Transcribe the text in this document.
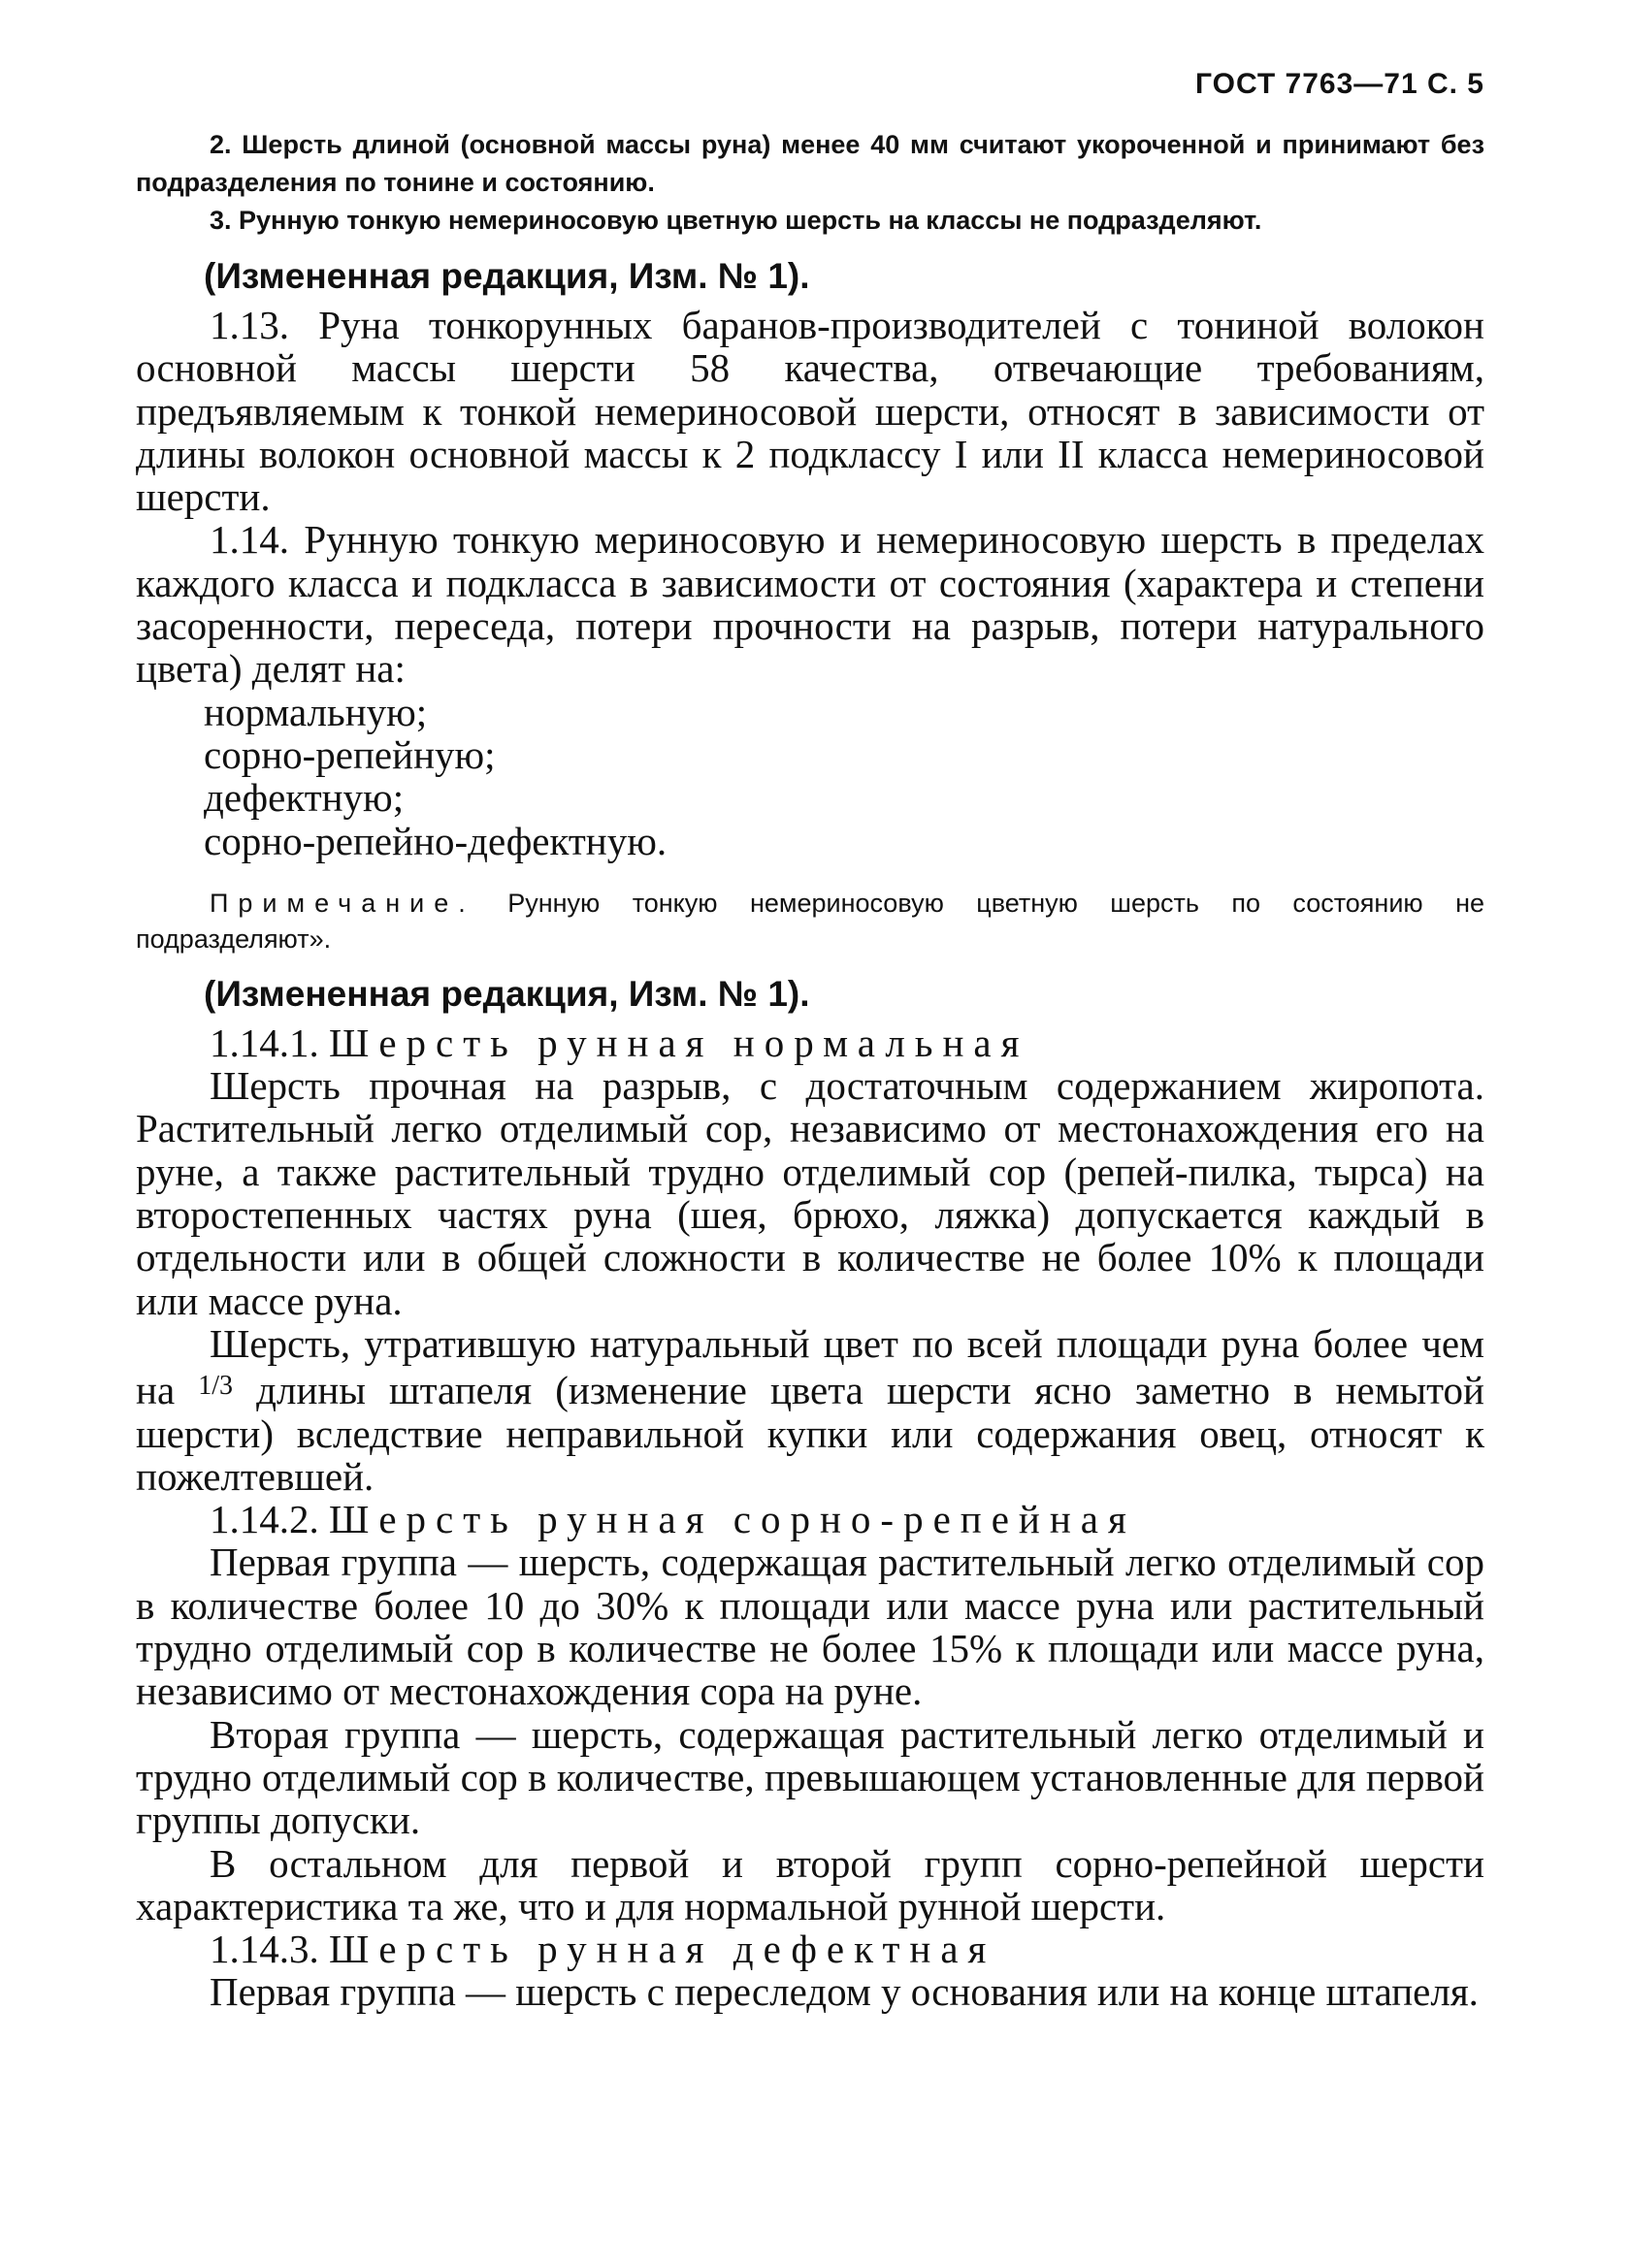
ГОСТ 7763—71 С. 5

2. Шерсть длиной (основной массы руна) менее 40 мм считают укороченной и принимают без подразделения по тонине и состоянию.

3. Рунную тонкую немериносовую цветную шерсть на классы не подразделяют.

(Измененная редакция, Изм. № 1).

1.13. Руна тонкорунных баранов-производителей с тониной волокон основной массы шерсти 58 качества, отвечающие требованиям, предъявляемым к тонкой немериносовой шерсти, относят в зависимости от длины волокон основной массы к 2 подклассу I или II класса немериносовой шерсти.

1.14. Рунную тонкую мериносовую и немериносовую шерсть в пределах каждого класса и подкласса в зависимости от состояния (характера и степени засоренности, переседа, потери прочности на разрыв, потери натурального цвета) делят на:

нормальную;
сорно-репейную;
дефектную;
сорно-репейно-дефектную.

Примечание. Рунную тонкую немериносовую цветную шерсть по состоянию не подразделяют».

(Измененная редакция, Изм. № 1).

1.14.1. Шерсть рунная нормальная

Шерсть прочная на разрыв, с достаточным содержанием жиропота. Растительный легко отделимый сор, независимо от местонахождения его на руне, а также растительный трудно отделимый сор (репей-пилка, тырса) на второстепенных частях руна (шея, брюхо, ляжка) допускается каждый в отдельности или в общей сложности в количестве не более 10% к площади или массе руна.

Шерсть, утратившую натуральный цвет по всей площади руна более чем на $^{1/3}$ длины штапеля (изменение цвета шерсти ясно заметно в немытой шерсти) вследствие неправильной купки или содержания овец, относят к пожелтевшей.

1.14.2. Шерсть рунная сорно-репейная

Первая группа — шерсть, содержащая растительный легко отделимый сор в количестве более 10 до 30% к площади или массе руна или растительный трудно отделимый сор в количестве не более 15% к площади или массе руна, независимо от местонахождения сора на руне.

Вторая группа — шерсть, содержащая растительный легко отделимый и трудно отделимый сор в количестве, превышающем установленные для первой группы допуски.

В остальном для первой и второй групп сорно-репейной шерсти характеристика та же, что и для нормальной рунной шерсти.

1.14.3. Шерсть рунная дефектная

Первая группа — шерсть с переследом у основания или на конце штапеля.
